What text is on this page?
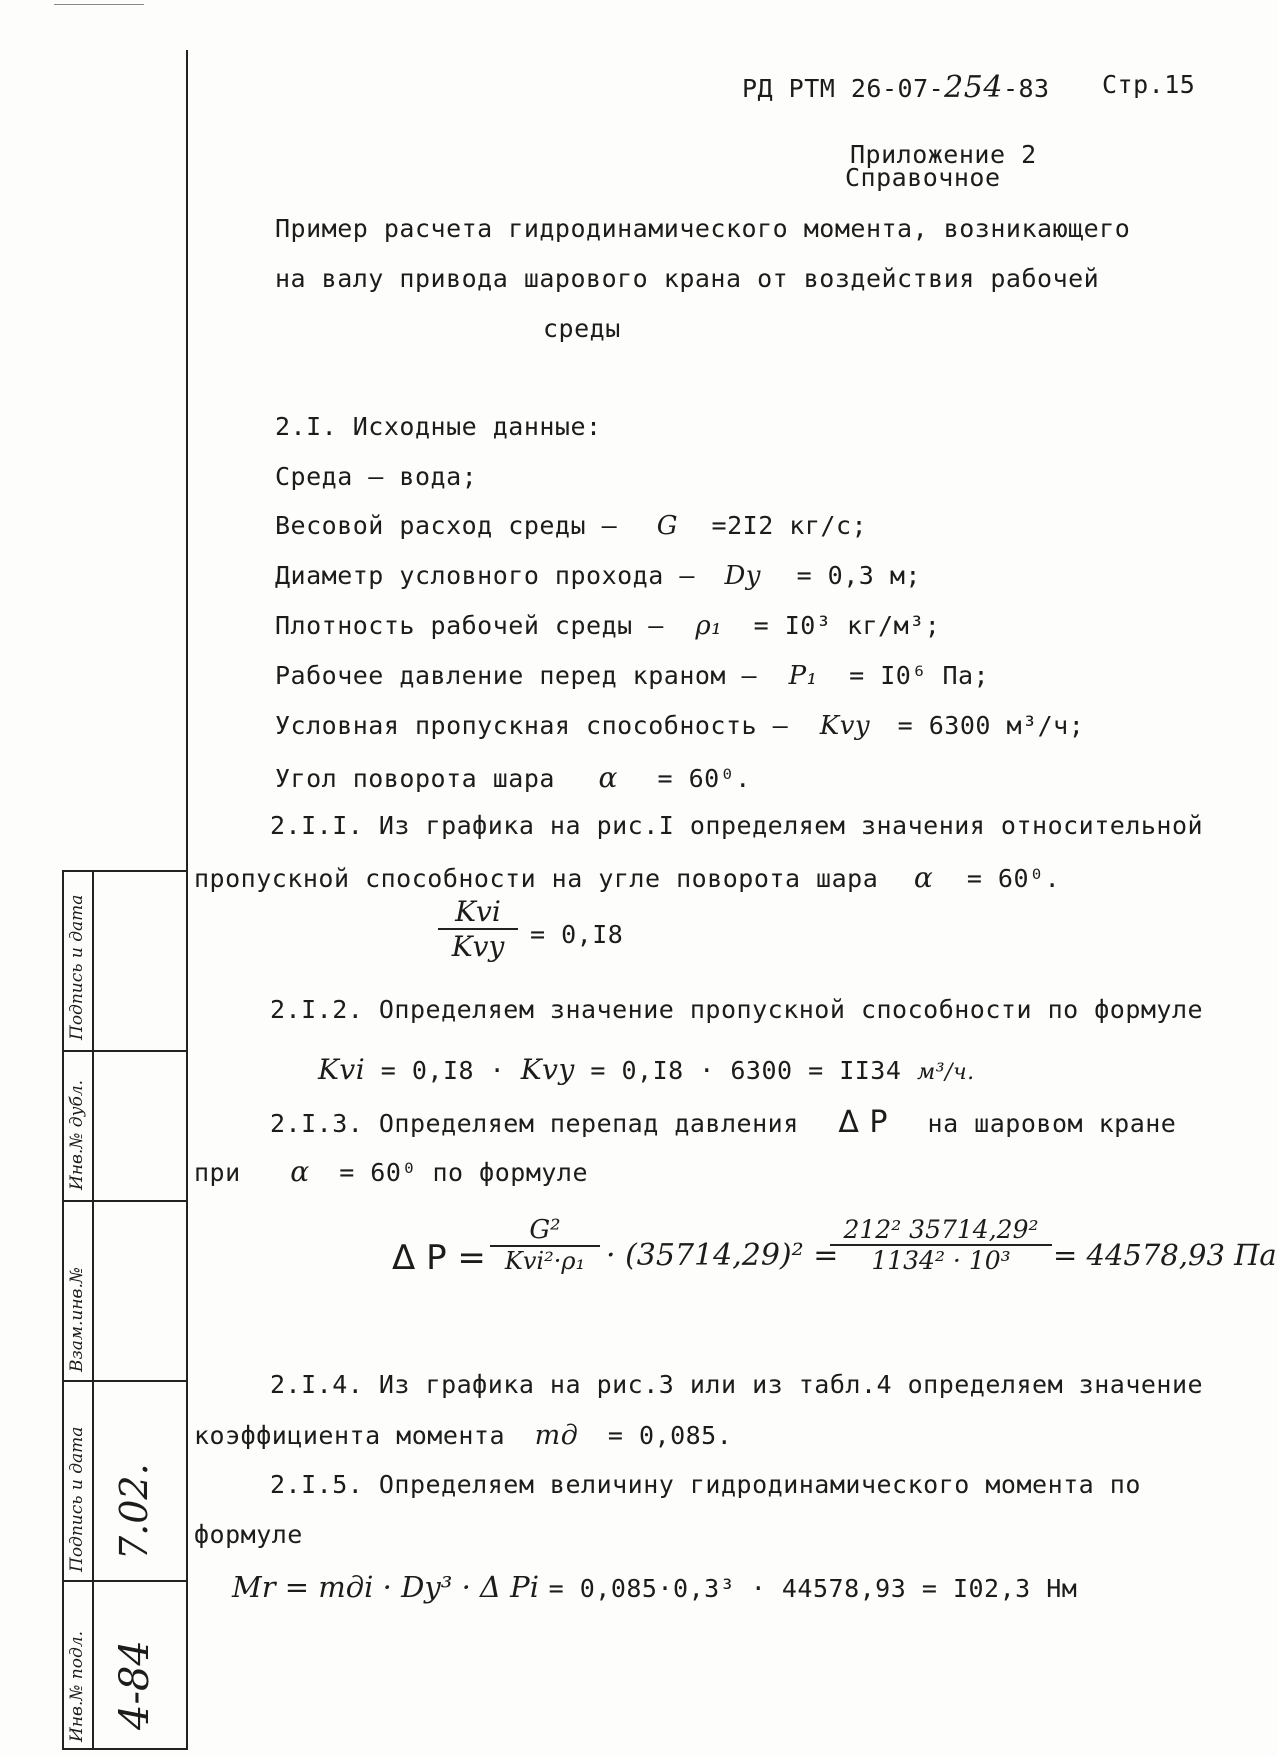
Подпись и дата
Инв.№ дубл.
Взам.инв.№
Подпись и дата
Инв.№ подл.
7.02.
4-84
РД РТМ 26-07-254-83 Стр.15
Приложение 2
Справочное
Пример расчета гидродинамического момента, возникающего
на валу привода шарового крана от воздействия рабочей
среды
2.I. Исходные данные:
Среда – вода;
Весовой расход среды – G =2I2 кг/с;
Диаметр условного прохода – Dy = 0,3 м;
Плотность рабочей среды – ρ₁ = I0³ кг/м³;
Рабочее давление перед краном – P₁ = I0⁶ Па;
Условная пропускная способность – Kvy = 6300 м³/ч;
Угол поворота шара α = 60⁰.
2.I.I. Из графика на рис.I определяем значения относительной
пропускной способности на угле поворота шара α = 60⁰.
Kvi
Kvy	= 0,I8
2.I.2. Определяем значение пропускной способности по формуле
Kvi = 0,I8 · Kvy = 0,I8 · 6300 = II34 м³/ч.
2.I.3. Определяем перепад давления Δ P на шаровом кране
при α = 60⁰ по формуле
Δ P =
G²
Kvi²·ρ₁ · (35714,29)² =
212² 35714,29²
1134² · 10³	= 44578,93 Па
2.I.4. Из графика на рис.3 или из табл.4 определяем значение
коэффициента момента mд = 0,085.
2.I.5. Определяем величину гидродинамического момента по
формуле
Mr = mдi · Dy³ · Δ Pi = 0,085·0,3³ · 44578,93 = I02,3 Нм
